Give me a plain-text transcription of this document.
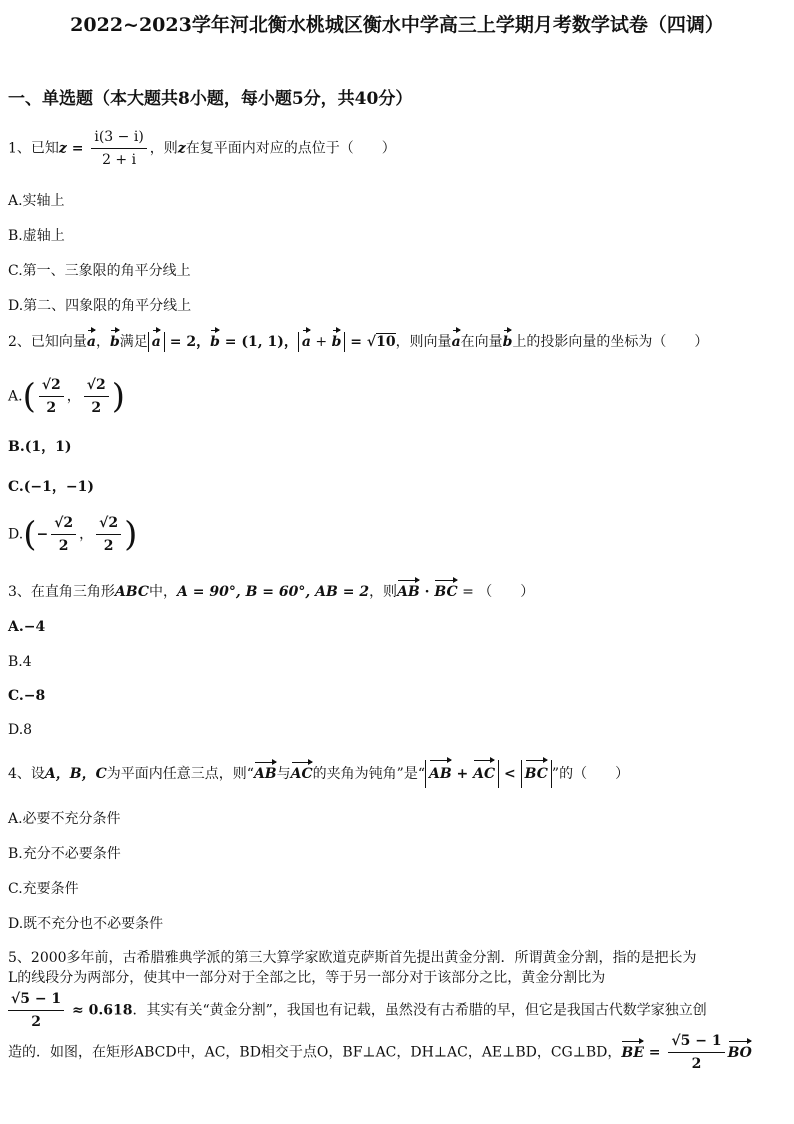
2022~2023学年河北衡水桃城区衡水中学高三上学期月考数学试卷（四调）
一、单选题（本大题共8小题，每小题5分，共40分）
1、已知$z = \frac{i(3 - i)}{2 + i}$ ，则z在复平面内对应的点位于（　　）
A.实轴上
B.虚轴上
C.第一、三象限的角平分线上
D.第二、四象限的角平分线上
2、已知向量a，b满足 a = 2，b = (1, 1)， a + b = √10，则向量a在向量b上的投影向量的坐标为（　　）
$A.( \frac{√2}{2}$ ， $\frac{√2}{2}$ )
B.(1，1)
C.(−1，−1)
$D.(- \frac{√2}{2}$ ， $\frac{√2}{2}$ )
3、在直角三角形ABC中，A = 90°, B = 60°, AB = 2，则AB · BC = （　　）
A.−4
B.4
C.−8
D.8
4、设A，B，C为平面内任意三点，则“AB与AC的夹角为钝角”是“ AB + AC < BC ”的（　　）
A.必要不充分条件
B.充分不必要条件
C.充要条件
D.既不充分也不必要条件
5、2000多年前，古希腊雅典学派的第三大算学家欧道克萨斯首先提出黄金分割．所谓黄金分割，指的是把长为
L的线段分为两部分，使其中一部分对于全部之比，等于另一部分对于该部分之比，黄金分割比为
$\frac{√5 - 1}{2} \approx 0.618$．其实有关“黄金分割”，我国也有记载，虽然没有古希腊的早，但它是我国古代数学家独立创
造的．如图，在矩形ABCD中，AC，BD相交于点O，BF⊥AC，DH⊥AC，AE⊥BD，CG⊥BD，BE = $\frac{√5 - 1}{2}$ BO
